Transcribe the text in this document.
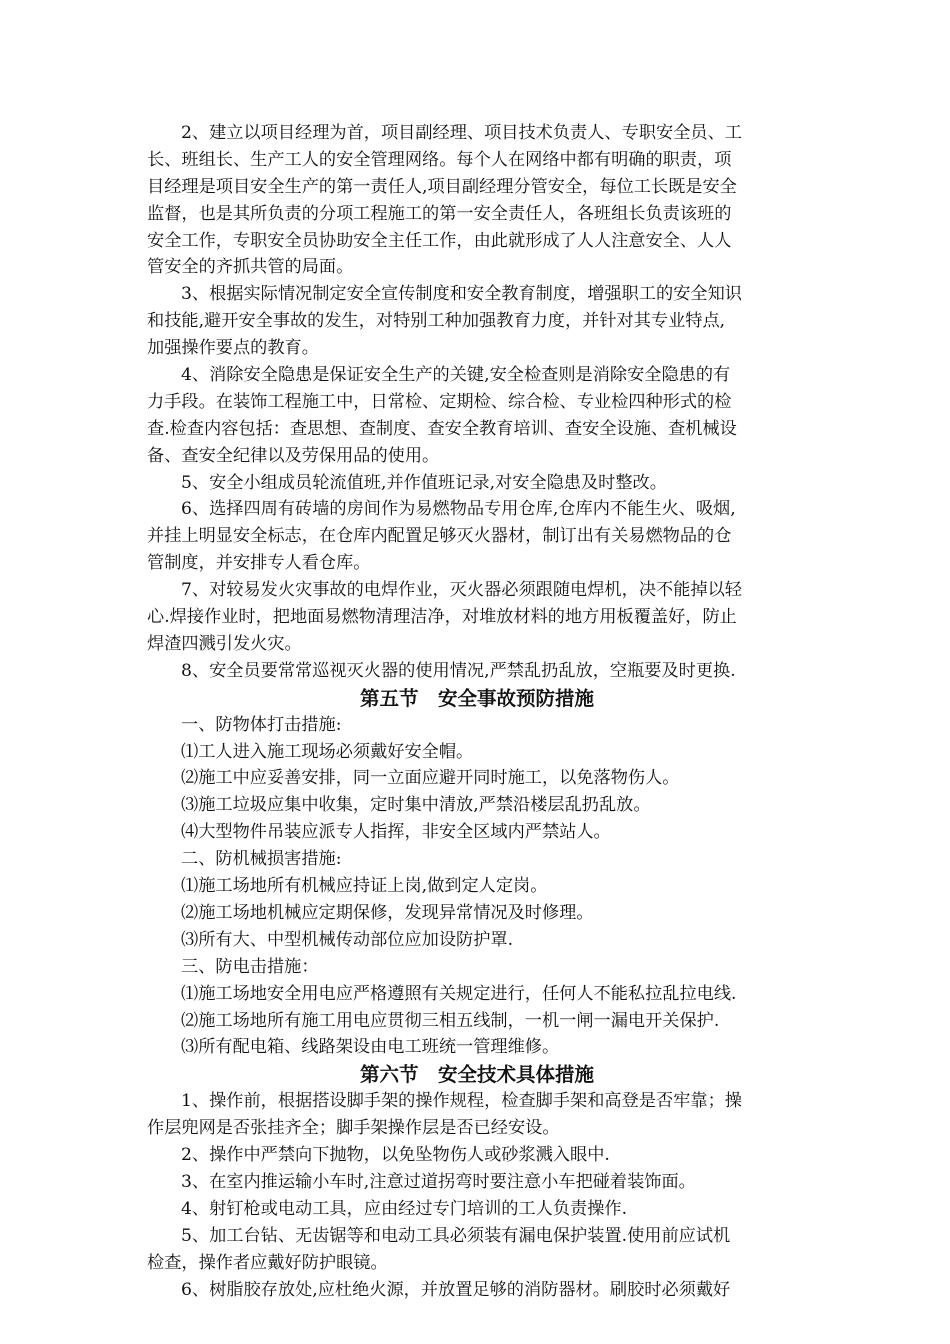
2、建立以项目经理为首，项目副经理、项目技术负责人、专职安全员、工
长、班组长、生产工人的安全管理网络。每个人在网络中都有明确的职责，项
目经理是项目安全生产的第一责任人,项目副经理分管安全，每位工长既是安全
监督，也是其所负责的分项工程施工的第一安全责任人，各班组长负责该班的
安全工作，专职安全员协助安全主任工作，由此就形成了人人注意安全、人人
管安全的齐抓共管的局面。
3、根据实际情况制定安全宣传制度和安全教育制度，增强职工的安全知识
和技能,避开安全事故的发生，对特别工种加强教育力度，并针对其专业特点,
加强操作要点的教育。
4、消除安全隐患是保证安全生产的关键,安全检查则是消除安全隐患的有
力手段。在装饰工程施工中，日常检、定期检、综合检、专业检四种形式的检
查.检查内容包括：查思想、查制度、查安全教育培训、查安全设施、查机械设
备、查安全纪律以及劳保用品的使用。
5、安全小组成员轮流值班,并作值班记录,对安全隐患及时整改。
6、选择四周有砖墙的房间作为易燃物品专用仓库,仓库内不能生火、吸烟,
并挂上明显安全标志，在仓库内配置足够灭火器材，制订出有关易燃物品的仓
管制度，并安排专人看仓库。
7、对较易发火灾事故的电焊作业，灭火器必须跟随电焊机，决不能掉以轻
心.焊接作业时，把地面易燃物清理洁净，对堆放材料的地方用板覆盖好，防止
焊渣四溅引发火灾。
8、安全员要常常巡视灭火器的使用情况,严禁乱扔乱放，空瓶要及时更换.
第五节　安全事故预防措施
一、防物体打击措施:
⑴工人进入施工现场必须戴好安全帽。
⑵施工中应妥善安排，同一立面应避开同时施工，以免落物伤人。
⑶施工垃圾应集中收集，定时集中清放,严禁沿楼层乱扔乱放。
⑷大型物件吊装应派专人指挥，非安全区域内严禁站人。
二、防机械损害措施:
⑴施工场地所有机械应持证上岗,做到定人定岗。
⑵施工场地机械应定期保修，发现异常情况及时修理。
⑶所有大、中型机械传动部位应加设防护罩.
三、防电击措施：
⑴施工场地安全用电应严格遵照有关规定进行，任何人不能私拉乱拉电线.
⑵施工场地所有施工用电应贯彻三相五线制，一机一闸一漏电开关保护.
⑶所有配电箱、线路架设由电工班统一管理维修。
第六节　安全技术具体措施
1、操作前，根据搭设脚手架的操作规程，检查脚手架和高登是否牢靠；操
作层兜网是否张挂齐全；脚手架操作层是否已经安设。
2、操作中严禁向下抛物，以免坠物伤人或砂浆溅入眼中.
3、在室内推运输小车时,注意过道拐弯时要注意小车把碰着装饰面。
4、射钉枪或电动工具，应由经过专门培训的工人负责操作.
5、加工台钻、无齿锯等和电动工具必须装有漏电保护装置.使用前应试机
检查，操作者应戴好防护眼镜。
6、树脂胶存放处,应杜绝火源，并放置足够的消防器材。刷胶时必须戴好
